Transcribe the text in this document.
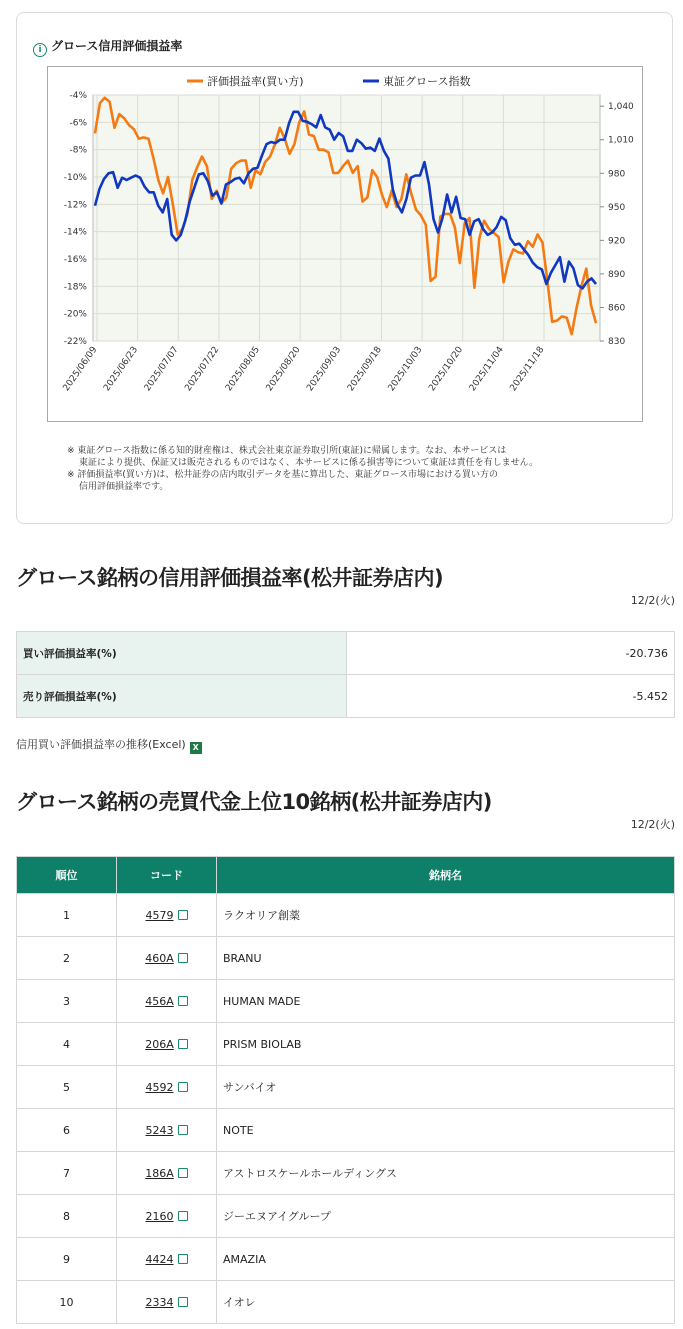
i グロース信用評価損益率
-4%
-6%
-8%
-10%
-12%
-14%
-16%
-18%
-20%
-22%
1,040
1,010
980
950
920
890
860
830
2025/06/09 2025/06/23 2025/07/07 2025/07/22 2025/08/05 2025/08/20 2025/09/03 2025/09/18 2025/10/03 2025/10/20 2025/11/04 2025/11/18
評価損益率(買い方)	東証グロース指数
※ 東証グロース指数に係る知的財産権は、株式会社東京証券取引所(東証)に帰属します。なお、本サービスは
東証により提供、保証又は販売されるものではなく、本サービスに係る損害等について東証は責任を有しません。
※ 評価損益率(買い方)は、松井証券の店内取引データを基に算出した、東証グロース市場における買い方の
信用評価損益率です。
グロース銘柄の信用評価損益率(松井証券店内)
12/2(火)
買い評価損益率(%)	-20.736
売り評価損益率(%)	-5.452
信用買い評価損益率の推移(Excel) X
グロース銘柄の売買代金上位10銘柄(松井証券店内)
12/2(火)
順位	コード	銘柄名
1	4579	ラクオリア創薬
2	460A	BRANU
3	456A	HUMAN MADE
4	206A	PRISM BIOLAB
5	4592	サンバイオ
6	5243	NOTE
7	186A	アストロスケールホールディングス
8	2160	ジーエヌアイグループ
9	4424	AMAZIA
10	2334	イオレ
